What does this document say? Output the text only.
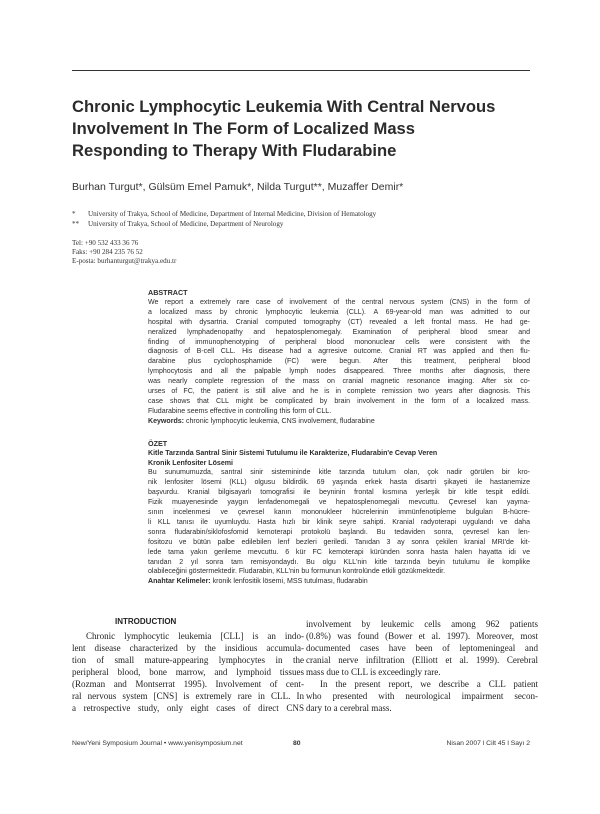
Chronic Lymphocytic Leukemia With Central Nervous
Involvement In The Form of Localized Mass
Responding to Therapy With Fludarabine
Burhan Turgut*, Gülsüm Emel Pamuk*, Nilda Turgut**, Muzaffer Demir*
*	University of Trakya, School of Medicine, Department of Internal Medicine, Division of Hematology
**	University of Trakya, School of Medicine, Department of Neurology
Tel: +90 532 433 36 76
Faks: +90 284 235 76 52
E-posta: burhanturgut@trakya.edu.tr
ABSTRACT
We report a extremely rare case of involvement of the central nervous system (CNS) in the form of
a localized mass by chronic lymphocytic leukemia (CLL). A 69-year-old man was admitted to our
hospital with dysartria. Cranial computed tomography (CT) revealed a left frontal mass. He had ge-
neralized lymphadenopathy and hepatosplenomegaly. Examination of peripheral blood smear and
finding of immunophenotyping of peripheral blood mononuclear cells were consistent with the
diagnosis of B-cell CLL. His disease had a agrresive outcome. Cranial RT was applied and then flu-
darabine plus cyclophosphamide (FC) were begun. After this treatment, peripheral blood
lymphocytosis and all the palpable lymph nodes disappeared. Three months after diagnosis, there
was nearly complete regression of the mass on cranial magnetic resonance imaging. After six co-
urses of FC, the patient is still alive and he is in complete remission two years after diagnosis. This
case shows that CLL might be complicated by brain involvement in the form of a localized mass.
Fludarabine seems effective in controlling this form of CLL.
Keywords: chronic lymphocytic leukemia, CNS involvement, fludarabine
ÖZET
Kitle Tarzında Santral Sinir Sistemi Tutulumu ile Karakterize, Fludarabin'e Cevap Veren
Kronik Lenfositer Lösemi
Bu sunumumuzda, santral sinir sistemininde kitle tarzında tutulum olan, çok nadir görülen bir kro-
nik lenfositer lösemi (KLL) olgusu bildirdik. 69 yaşında erkek hasta disartri şikayeti ile hastanemize
başvurdu. Kranial bilgisayarlı tomografisi ile beyninin frontal kısmına yerleşik bir kitle tespit edildi.
Fizik muayenesinde yaygın lenfadenomegali ve hepatosplenomegali mevcuttu. Çevresel kan yayma-
sının incelenmesi ve çevresel kanın mononukleer hücrelerinin immünfenotipleme bulguları B-hücre-
li KLL tanısı ile uyumluydu. Hasta hızlı bir klinik seyre sahipti. Kranial radyoterapi uygulandı ve daha
sonra fludarabin/siklofosfomid kemoterapi protokolü başlandı. Bu tedaviden sonra, çevresel kan len-
fositozu ve bütün palbe edilebilen lenf bezleri geriledi. Tanıdan 3 ay sonra çekilen kranial MRI'de kit-
lede tama yakın gerileme mevcuttu. 6 kür FC kemoterapi küründen sonra hasta halen hayatta idi ve
tanıdan 2 yıl sonra tam remisyondaydı. Bu olgu KLL'nin kitle tarzında beyin tutulumu ile komplike
olabileceğini göstermektedir. Fludarabin, KLL'nin bu formunun kontrolünde etkili gözükmektedir.
Anahtar Kelimeler: kronik lenfositik lösemi, MSS tutulması, fludarabin
INTRODUCTION
Chronic lymphocytic leukemia [CLL] is an indo-
lent disease characterized by the insidious accumula-
tion of small mature-appearing lymphocytes in the
peripheral blood, bone marrow, and lymphoid tissues
(Rozman and Montserrat 1995). Involvement of cent-
ral nervous system [CNS] is extremely rare in CLL. In
a retrospective study, only eight cases of direct CNS
involvement by leukemic cells among 962 patients
(0.8%) was found (Bower et al. 1997). Moreover, most
documented cases have been of leptomeningeal and
cranial nerve infiltration (Elliott et al. 1999). Cerebral
mass due to CLL is exceedingly rare.
In the present report, we describe a CLL patient
who presented with neurological impairment secon-
dary to a cerebral mass.
New/Yeni Symposium Journal • www.yenisymposium.net	80	Nisan 2007 l Cilt 45 l Sayı 2
